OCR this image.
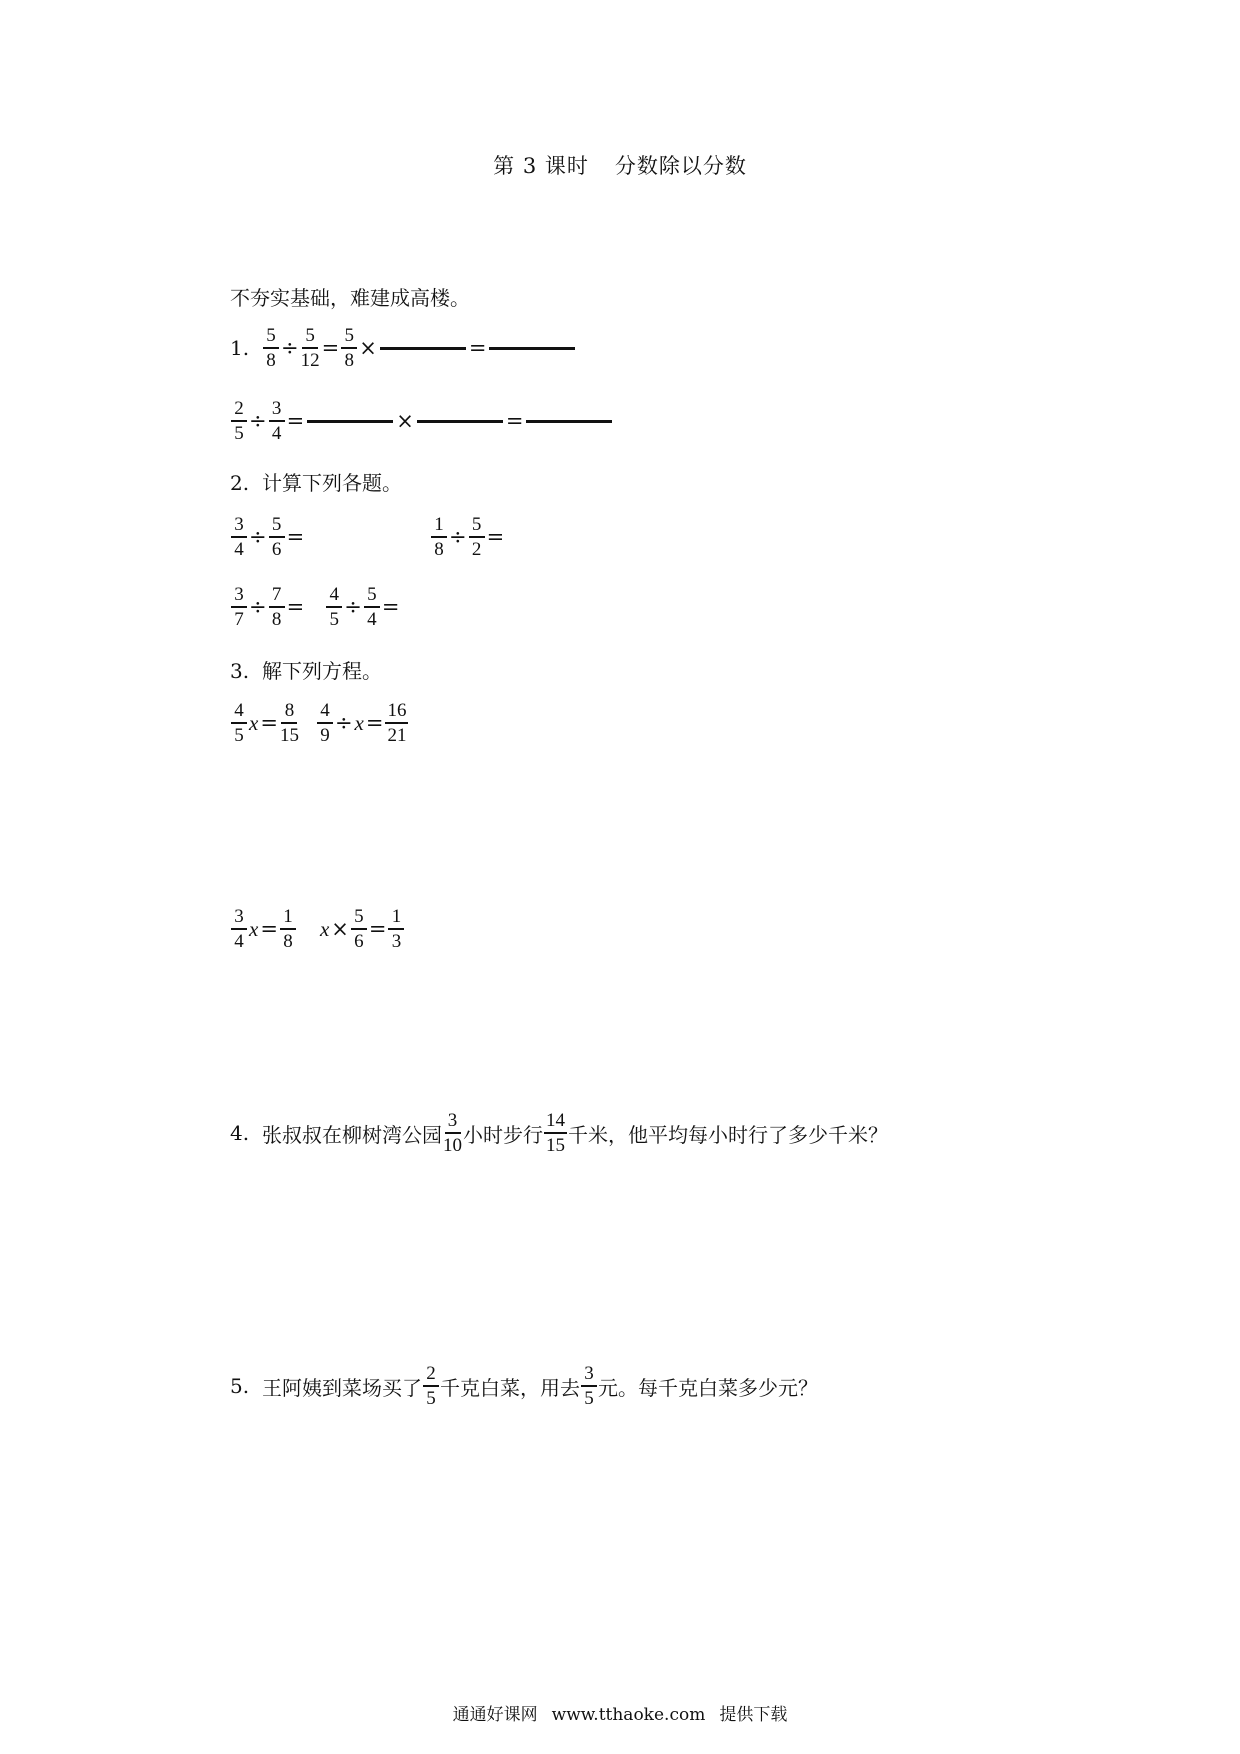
第 3 课时 分数除以分数
不夯实基础，难建成高楼。
1. $\frac{5}{8} \div \frac{5}{12} = \frac{5}{8}$ ×	=
$\frac{2}{5} \div \frac{3}{4}$ =	×	=
2. 计算下列各题。
$\frac{3}{4} \div \frac{5}{6}$ =	$\frac{1}{8} \div \frac{5}{2}$ =
$\frac{3}{7} \div \frac{7}{8} = \frac{4}{5} \div \frac{5}{4}$ =
3. 解下列方程。
$\frac{4}{5}$ $x = \frac{8}{15} \frac{4}{9} \div x = \frac{16}{21}$
$\frac{3}{4}$ $x = \frac{1}{8}$ $x \times \frac{5}{6} = \frac{1}{3}$
4. 张叔叔在柳树湾公园 $\frac{3}{10}$ 小时步行 $\frac{14}{15}$ 千米，他平均每小时行了多少千米？
5. 王阿姨到菜场买了 $\frac{2}{5}$ 千克白菜，用去 $\frac{3}{5}$ 元。每千克白菜多少元？
通通好课网 www.tthaoke.com 提供下载
